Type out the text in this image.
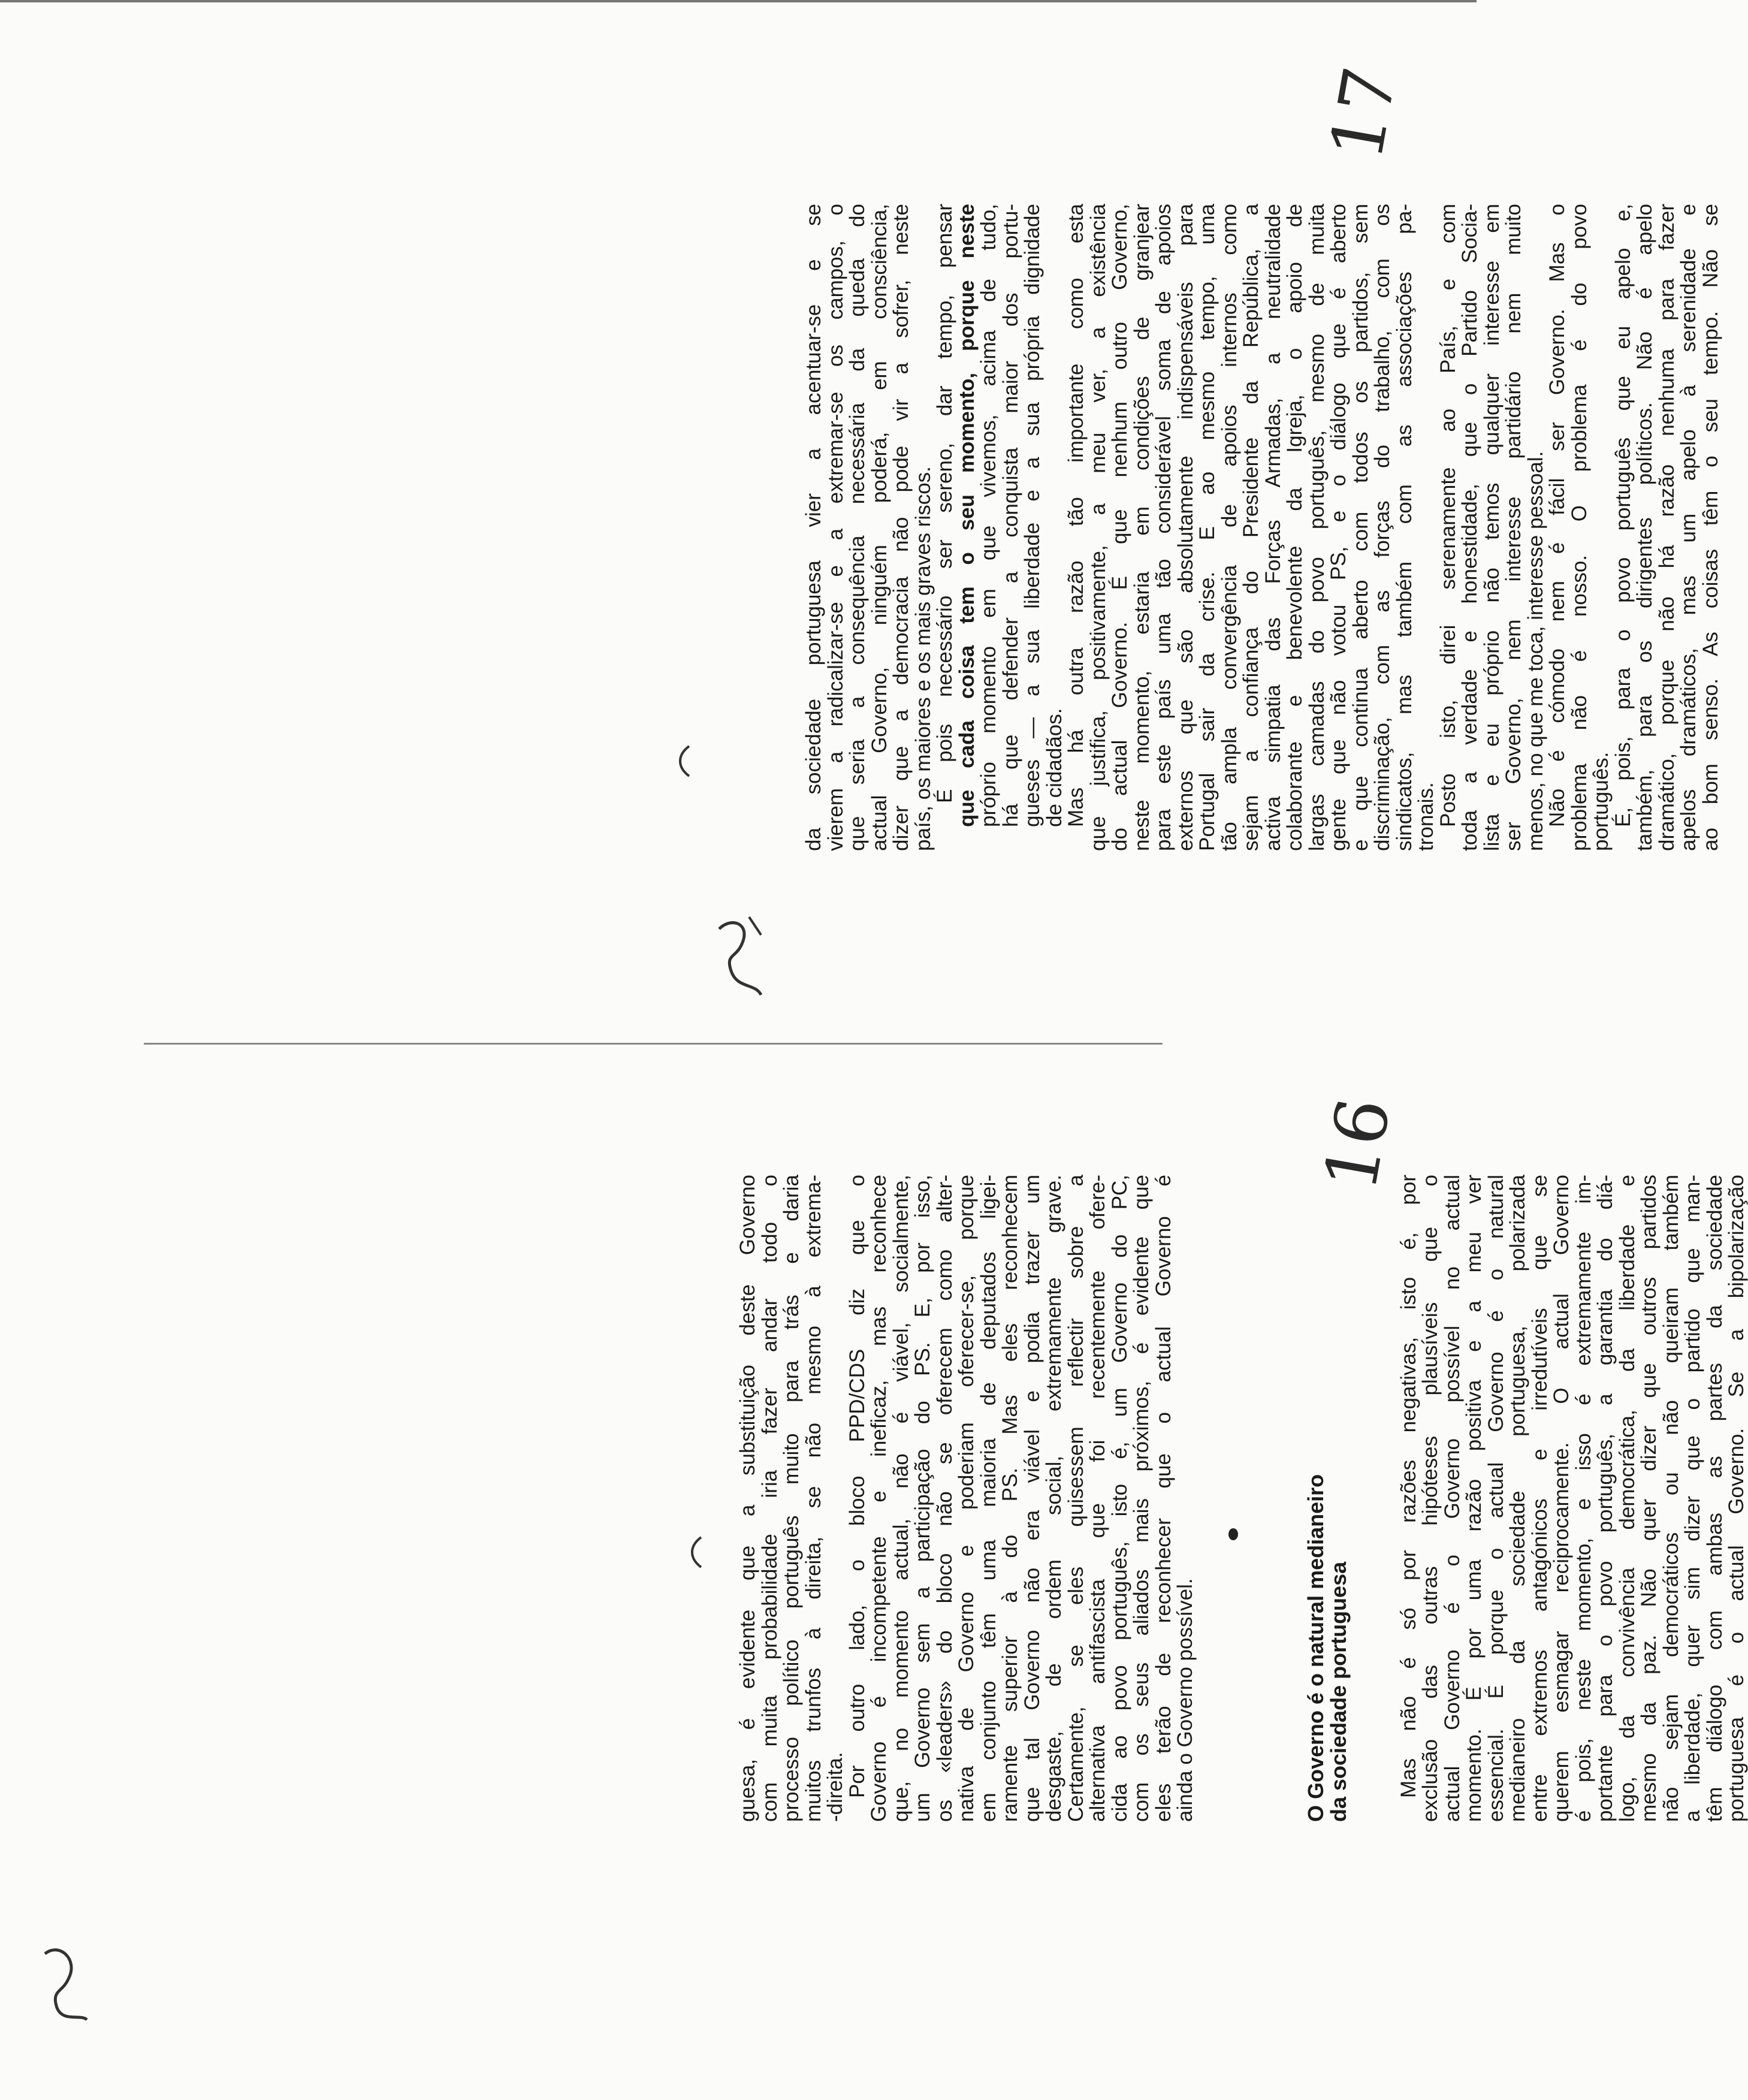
17
16

da sociedade portuguesa vier a acentuar-se e se
vierem a radicalizar-se e a extremar-se os campos, o
que seria a consequência necessária da queda do
actual Governo, ninguém poderá, em consciência,
dizer que a democracia não pode vir a sofrer, neste
país, os maiores e os mais graves riscos.

É pois necessário ser sereno, dar tempo, pensar
que cada coisa tem o seu momento, porque neste
próprio momento em que vivemos, acima de tudo,
há que defender a conquista maior dos portu-
gueses — a sua liberdade e a sua própria dignidade
de cidadãos.

Mas há outra razão tão importante como esta
que justifica, positivamente, a meu ver, a existência
do actual Governo. É que nenhum outro Governo,
neste momento, estaria em condições de granjear
para este país uma tão considerável soma de apoios
externos que são absolutamente indispensáveis para
Portugal sair da crise. E ao mesmo tempo, uma
tão ampla convergência de apoios internos como
sejam a confiança do Presidente da República, a
activa simpatia das Forças Armadas, a neutralidade
colaborante e benevolente da Igreja, o apoio de
largas camadas do povo português, mesmo de muita
gente que não votou PS, e o diálogo que é aberto
e que continua aberto com todos os partidos, sem
discriminação, com as forças do trabalho, com os
sindicatos, mas também com as associações pa-
tronais.

Posto isto, direi serenamente ao País, e com
toda a verdade e honestidade, que o Partido Socia-
lista e eu próprio não temos qualquer interesse em
ser Governo, nem interesse partidário nem muito
menos, no que me toca, interesse pessoal.

Não é cómodo nem é fácil ser Governo. Mas o
problema não é nosso. O problema é do povo
português.

É, pois, para o povo português que eu apelo e,
também, para os dirigentes políticos. Não é apelo
dramático, porque não há razão nenhuma para fazer
apelos dramáticos, mas um apelo à serenidade e
ao bom senso. As coisas têm o seu tempo. Não se

guesa, é evidente que a substituição deste Governo
com muita probabilidade iria fazer andar todo o
processo político português muito para trás e daria
muitos trunfos à direita, se não mesmo à extrema-
-direita.

Por outro lado, o bloco PPD/CDS diz que o
Governo é incompetente e ineficaz, mas reconhece
que, no momento actual, não é viável, socialmente,
um Governo sem a participação do PS. E, por isso,
os «leaders» do bloco não se oferecem como alter-
nativa de Governo e poderiam oferecer-se, porque
em conjunto têm uma maioria de deputados ligei-
ramente superior à do PS. Mas eles reconhecem
que tal Governo não era viável e podia trazer um
desgaste, de ordem social, extremamente grave.
Certamente, se eles quisessem reflectir sobre a
alternativa antifascista que foi recentemente ofere-
cida ao povo português, isto é, um Governo do PC,
com os seus aliados mais próximos, é evidente que
eles terão de reconhecer que o actual Governo é
ainda o Governo possível.	O Governo é o natural medianeiro
da sociedade portuguesa Mas não é só por razões negativas, isto é, por
exclusão das outras hipóteses plausíveis que o
actual Governo é o Governo possível no actual
momento. É por uma razão positiva e a meu ver
essencial. É porque o actual Governo é o natural
medianeiro da sociedade portuguesa, polarizada
entre extremos antagónicos e irredutíveis que se
querem esmagar reciprocamente. O actual Governo
é pois, neste momento, e isso é extremamente im-
portante para o povo português, a garantia do diá-
logo, da convivência democrática, da liberdade e
mesmo da paz. Não quer dizer que outros partidos
não sejam democráticos ou não queiram também
a liberdade, quer sim dizer que o partido que man-
têm diálogo com ambas as partes da sociedade
portuguesa é o actual Governo. Se a bipolarização
